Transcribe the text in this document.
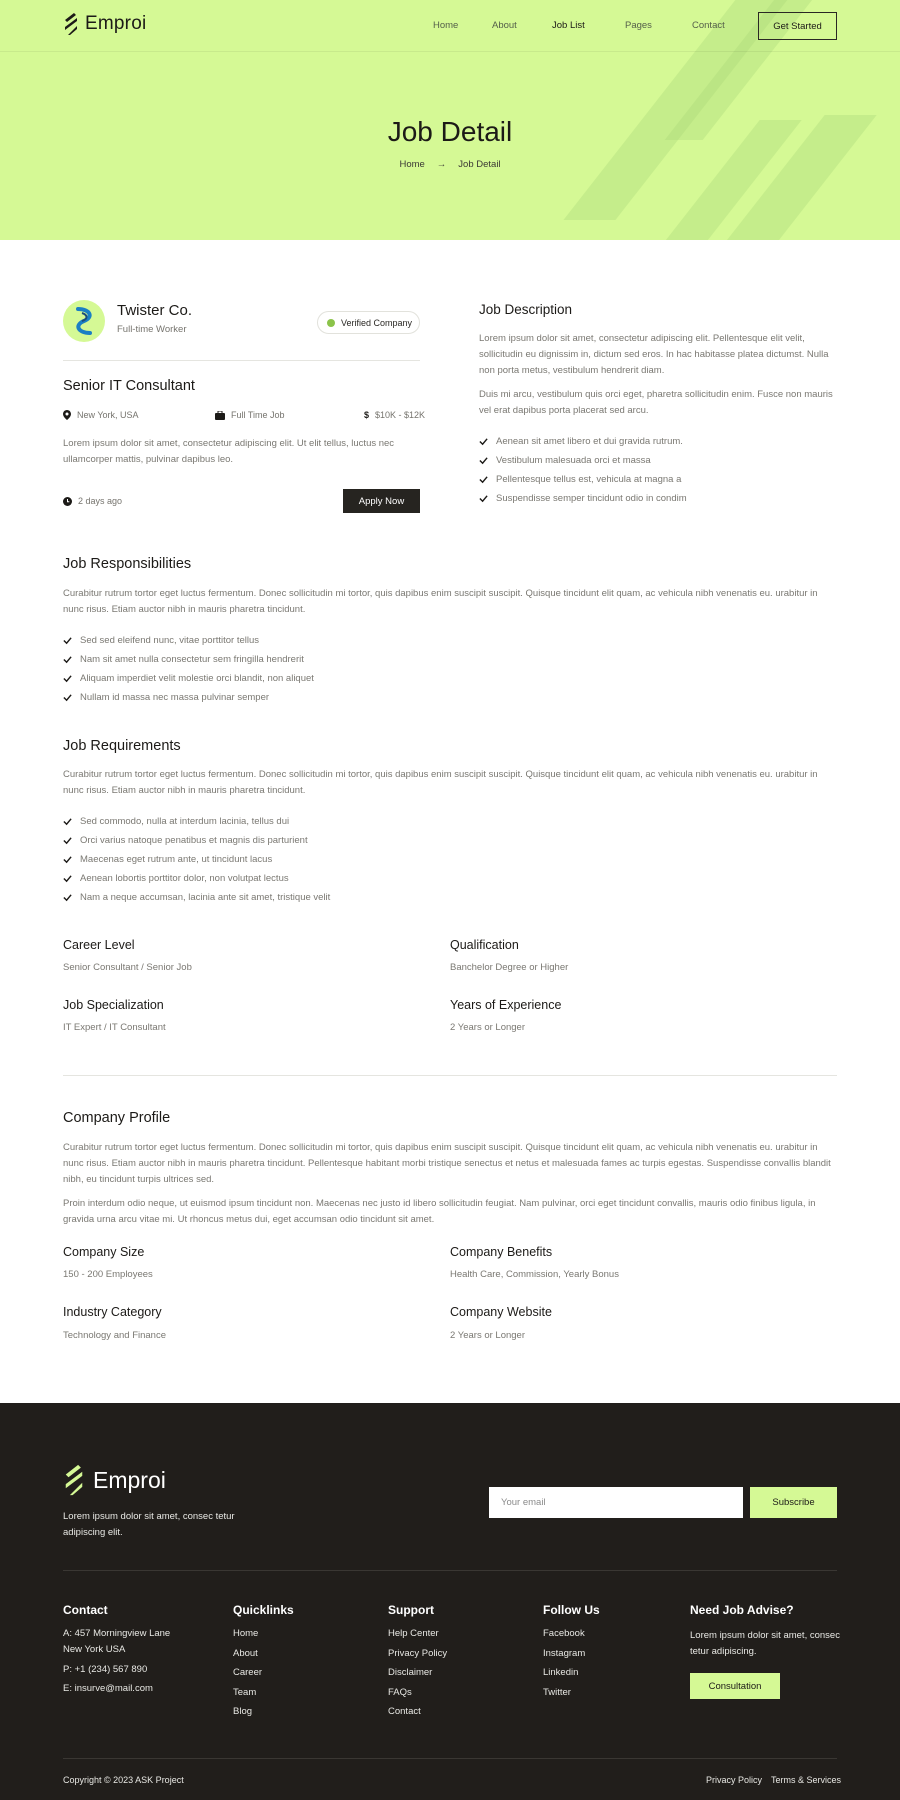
Emproi	Home	About	Job List	Pages	Contact	Get Started
Job Detail
Home → Job Detail
Twister Co.
Full-time Worker
Verified Company
Senior IT Consultant
New York, USA	Full Time Job	$ $10K - $12K

Lorem ipsum dolor sit amet, consectetur adipiscing elit. Ut elit tellus, luctus nec ullamcorper mattis, pulvinar dapibus leo.

2 days ago	Apply Now
Job Description

Lorem ipsum dolor sit amet, consectetur adipiscing elit. Pellentesque elit velit, sollicitudin eu dignissim in, dictum sed eros. In hac habitasse platea dictumst. Nulla non porta metus, vestibulum hendrerit diam.

Duis mi arcu, vestibulum quis orci eget, pharetra sollicitudin enim. Fusce non mauris vel erat dapibus porta placerat sed arcu.

Aenean sit amet libero et dui gravida rutrum.
Vestibulum malesuada orci et massa
Pellentesque tellus est, vehicula at magna a
Suspendisse semper tincidunt odio in condim
Job Responsibilities

Curabitur rutrum tortor eget luctus fermentum. Donec sollicitudin mi tortor, quis dapibus enim suscipit suscipit. Quisque tincidunt elit quam, ac vehicula nibh venenatis eu. urabitur in nunc risus. Etiam auctor nibh in mauris pharetra tincidunt.

Sed sed eleifend nunc, vitae porttitor tellus
Nam sit amet nulla consectetur sem fringilla hendrerit
Aliquam imperdiet velit molestie orci blandit, non aliquet
Nullam id massa nec massa pulvinar semper
Job Requirements

Curabitur rutrum tortor eget luctus fermentum. Donec sollicitudin mi tortor, quis dapibus enim suscipit suscipit. Quisque tincidunt elit quam, ac vehicula nibh venenatis eu. urabitur in nunc risus. Etiam auctor nibh in mauris pharetra tincidunt.

Sed commodo, nulla at interdum lacinia, tellus dui
Orci varius natoque penatibus et magnis dis parturient
Maecenas eget rutrum ante, ut tincidunt lacus
Aenean lobortis porttitor dolor, non volutpat lectus
Nam a neque accumsan, lacinia ante sit amet, tristique velit
Career Level
Senior Consultant / Senior Job
Qualification
Banchelor Degree or Higher
Job Specialization
IT Expert / IT Consultant
Years of Experience
2 Years or Longer
Company Profile

Curabitur rutrum tortor eget luctus fermentum. Donec sollicitudin mi tortor, quis dapibus enim suscipit suscipit. Quisque tincidunt elit quam, ac vehicula nibh venenatis eu. urabitur in nunc risus. Etiam auctor nibh in mauris pharetra tincidunt. Pellentesque habitant morbi tristique senectus et netus et malesuada fames ac turpis egestas. Suspendisse convallis blandit nibh, eu tincidunt turpis ultrices sed.

Proin interdum odio neque, ut euismod ipsum tincidunt non. Maecenas nec justo id libero sollicitudin feugiat. Nam pulvinar, orci eget tincidunt convallis, mauris odio finibus ligula, in gravida urna arcu vitae mi. Ut rhoncus metus dui, eget accumsan odio tincidunt sit amet.

Company Size
150 - 200 Employees
Company Benefits
Health Care, Commission, Yearly Bonus
Industry Category
Technology and Finance
Company Website
2 Years or Longer
Emproi

Lorem ipsum dolor sit amet, consec tetur adipiscing elit.

Your email
Subscribe
Contact
A: 457 Morningview Lane
New York USA
P: +1 (234) 567 890
E: insurve@mail.com
Quicklinks
Home
About
Career
Team
Blog
Support
Help Center
Privacy Policy
Disclaimer
FAQs
Contact
Follow Us
Facebook
Instagram
Linkedin
Twitter
Need Job Advise?
Lorem ipsum dolor sit amet, consec tetur adipiscing.
Consultation
Copyright © 2023 ASK Project	Privacy Policy Terms & Services
